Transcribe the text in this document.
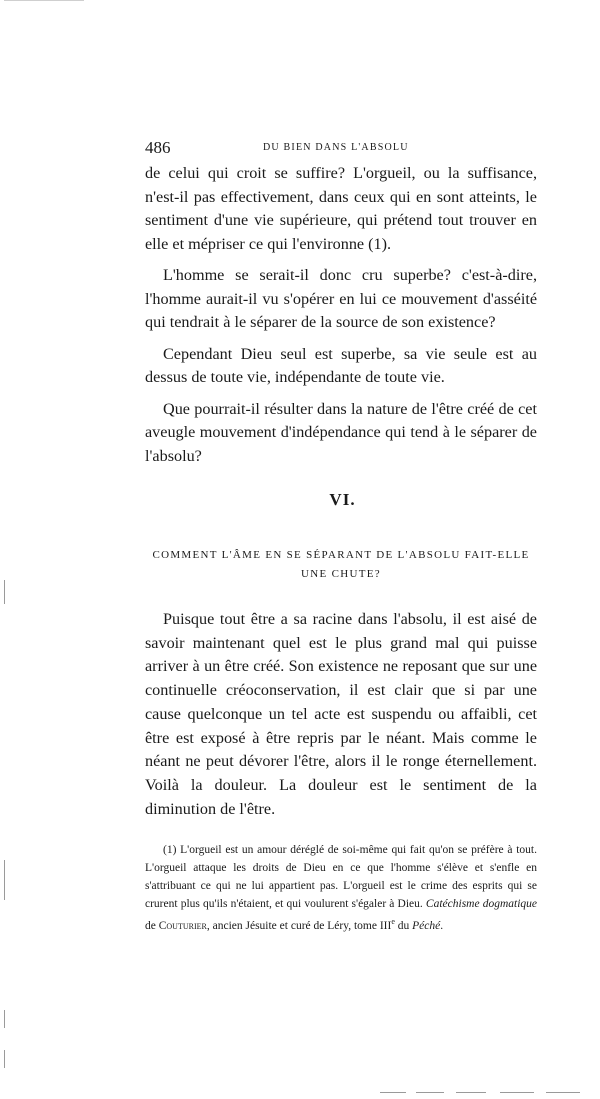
486	DU BIEN DANS L'ABSOLU

de celui qui croit se suffire? L'orgueil, ou la suffisance, n'est-il pas effectivement, dans ceux qui en sont atteints, le sentiment d'une vie supérieure, qui prétend tout trouver en elle et mépriser ce qui l'environne (1).

L'homme se serait-il donc cru superbe? c'est-à-dire, l'homme aurait-il vu s'opérer en lui ce mouvement d'asséité qui tendrait à le séparer de la source de son existence?

Cependant Dieu seul est superbe, sa vie seule est au dessus de toute vie, indépendante de toute vie.

Que pourrait-il résulter dans la nature de l'être créé de cet aveugle mouvement d'indépendance qui tend à le séparer de l'absolu?

VI.
COMMENT L'ÂME EN SE SÉPARANT DE L'ABSOLU FAIT-ELLE UNE CHUTE?

Puisque tout être a sa racine dans l'absolu, il est aisé de savoir maintenant quel est le plus grand mal qui puisse arriver à un être créé. Son existence ne reposant que sur une continuelle créoconservation, il est clair que si par une cause quelconque un tel acte est suspendu ou affaibli, cet être est exposé à être repris par le néant. Mais comme le néant ne peut dévorer l'être, alors il le ronge éternellement. Voilà la douleur. La douleur est le sentiment de la diminution de l'être.

(1) L'orgueil est un amour déréglé de soi-même qui fait qu'on se préfère à tout. L'orgueil attaque les droits de Dieu en ce que l'homme s'élève et s'enfle en s'attribuant ce qui ne lui appartient pas. L'orgueil est le crime des esprits qui se crurent plus qu'ils n'étaient, et qui voulurent s'égaler à Dieu. Catéchisme dogmatique de Couturier, ancien Jésuite et curé de Léry, tome IIIe du Péché.
